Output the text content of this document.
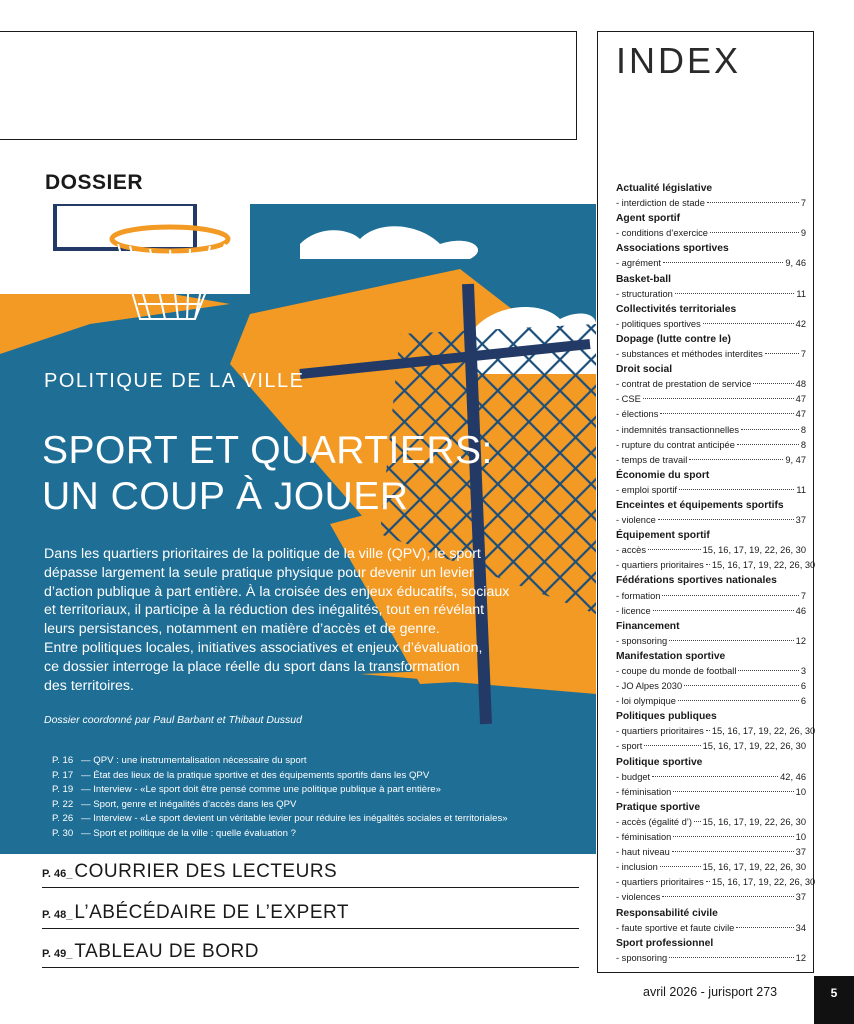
DOSSIER
POLITIQUE DE LA VILLE
SPORT ET QUARTIERS:
UN COUP À JOUER
Dans les quartiers prioritaires de la politique de la ville (QPV), le sport
dépasse largement la seule pratique physique pour devenir un levier
d’action publique à part entière. À la croisée des enjeux éducatifs, sociaux
et territoriaux, il participe à la réduction des inégalités, tout en révélant
leurs persistances, notamment en matière d’accès et de genre.
Entre politiques locales, initiatives associatives et enjeux d’évaluation,
ce dossier interroge la place réelle du sport dans la transformation
des territoires.
Dossier coordonné par Paul Barbant et Thibaut Dussud
P. 16 — QPV : une instrumentalisation nécessaire du sport
P. 17 — État des lieux de la pratique sportive et des équipements sportifs dans les QPV
P. 19 — Interview - «Le sport doit être pensé comme une politique publique à part entière»
P. 22 — Sport, genre et inégalités d’accès dans les QPV
P. 26 — Interview - «Le sport devient un véritable levier pour réduire les inégalités sociales et territoriales»
P. 30 — Sport et politique de la ville : quelle évaluation ?
P. 46_ COURRIER DES LECTEURS
P. 48_ L’ABÉCÉDAIRE DE L’EXPERT
P. 49_ TABLEAU DE BORD
INDEX
Actualité législative
- interdiction de stade	7
Agent sportif
- conditions d’exercice	9
Associations sportives
- agrément	9, 46
Basket-ball
- structuration	11
Collectivités territoriales
- politiques sportives	42
Dopage (lutte contre le)
- substances et méthodes interdites	7
Droit social
- contrat de prestation de service	48
- CSE	47
- élections	47
- indemnités transactionnelles	8
- rupture du contrat anticipée	8
- temps de travail	9, 47
Économie du sport
- emploi sportif	11
Enceintes et équipements sportifs
- violence	37
Équipement sportif
- accès	15, 16, 17, 19, 22, 26, 30
- quartiers prioritaires 15, 16, 17, 19, 22, 26, 30
Fédérations sportives nationales
- formation	7
- licence	46
Financement
- sponsoring	12
Manifestation sportive
- coupe du monde de football	3
- JO Alpes 2030	6
- loi olympique	6
Politiques publiques
- quartiers prioritaires 15, 16, 17, 19, 22, 26, 30
- sport	15, 16, 17, 19, 22, 26, 30
Politique sportive
- budget	42, 46
- féminisation	10
Pratique sportive
- accès (égalité d’) 15, 16, 17, 19, 22, 26, 30
- féminisation	10
- haut niveau	37
- inclusion	15, 16, 17, 19, 22, 26, 30
- quartiers prioritaires 15, 16, 17, 19, 22, 26, 30
- violences	37
Responsabilité civile
- faute sportive et faute civile	34
Sport professionnel
- sponsoring	12
avril 2026 - jurisport 273	5
